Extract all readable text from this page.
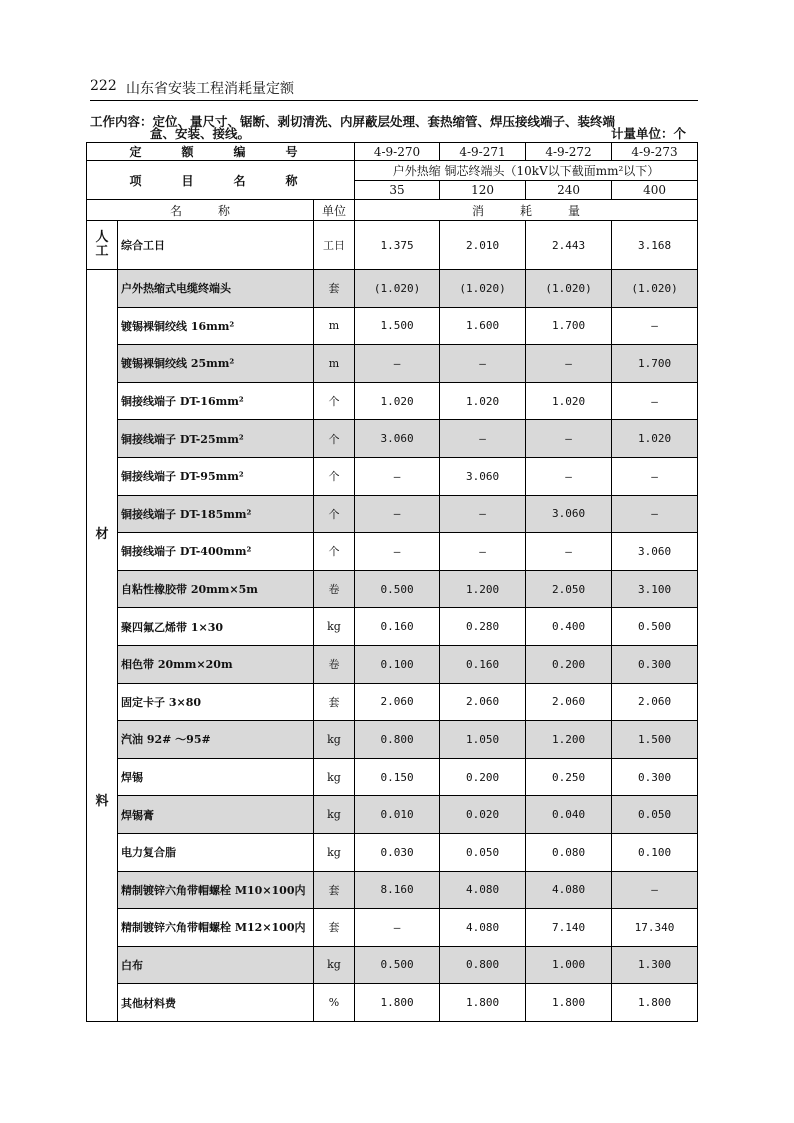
222 山东省安装工程消耗量定额
工作内容：定位、量尺寸、锯断、剥切清洗、内屏蔽层处理、套热缩管、焊压接线端子、装终端
盒、安装、接线。	计量单位：个
定　额　编　号			4-9-270	4-9-271	4-9-272	4-9-273
项　目　名　称			户外热缩 铜芯终端头（10kV以下截面mm²以下）			
			35	120	240	400
名　　　称		单位	消　　　耗　　　量			
人
工	综合工日	工日	1.375	2.010	2.443	3.168

材
料	户外热缩式电缆终端头	套	(1.020)	(1.020)	(1.020)	(1.020)
	镀锡裸铜绞线 16mm²	m	1.500	1.600	1.700	—
	镀锡裸铜绞线 25mm²	m	—	—	—	1.700
	铜接线端子 DT-16mm²	个	1.020	1.020	1.020	—
	铜接线端子 DT-25mm²	个	3.060	—	—	1.020
	铜接线端子 DT-95mm²	个	—	3.060	—	—
	铜接线端子 DT-185mm²	个	—	—	3.060	—
	铜接线端子 DT-400mm²	个	—	—	—	3.060
	自粘性橡胶带 20mm×5m	卷	0.500	1.200	2.050	3.100
	聚四氟乙烯带 1×30	kg	0.160	0.280	0.400	0.500
	相色带 20mm×20m	卷	0.100	0.160	0.200	0.300
	固定卡子 3×80	套	2.060	2.060	2.060	2.060
	汽油 92# ～95#	kg	0.800	1.050	1.200	1.500
	焊锡	kg	0.150	0.200	0.250	0.300
	焊锡膏	kg	0.010	0.020	0.040	0.050
	电力复合脂	kg	0.030	0.050	0.080	0.100
	精制镀锌六角带帽螺栓 M10×100内	套	8.160	4.080	4.080	—
	精制镀锌六角带帽螺栓 M12×100内	套	—	4.080	7.140	17.340
	白布	kg	0.500	0.800	1.000	1.300
	其他材料费	%	1.800	1.800	1.800	1.800
